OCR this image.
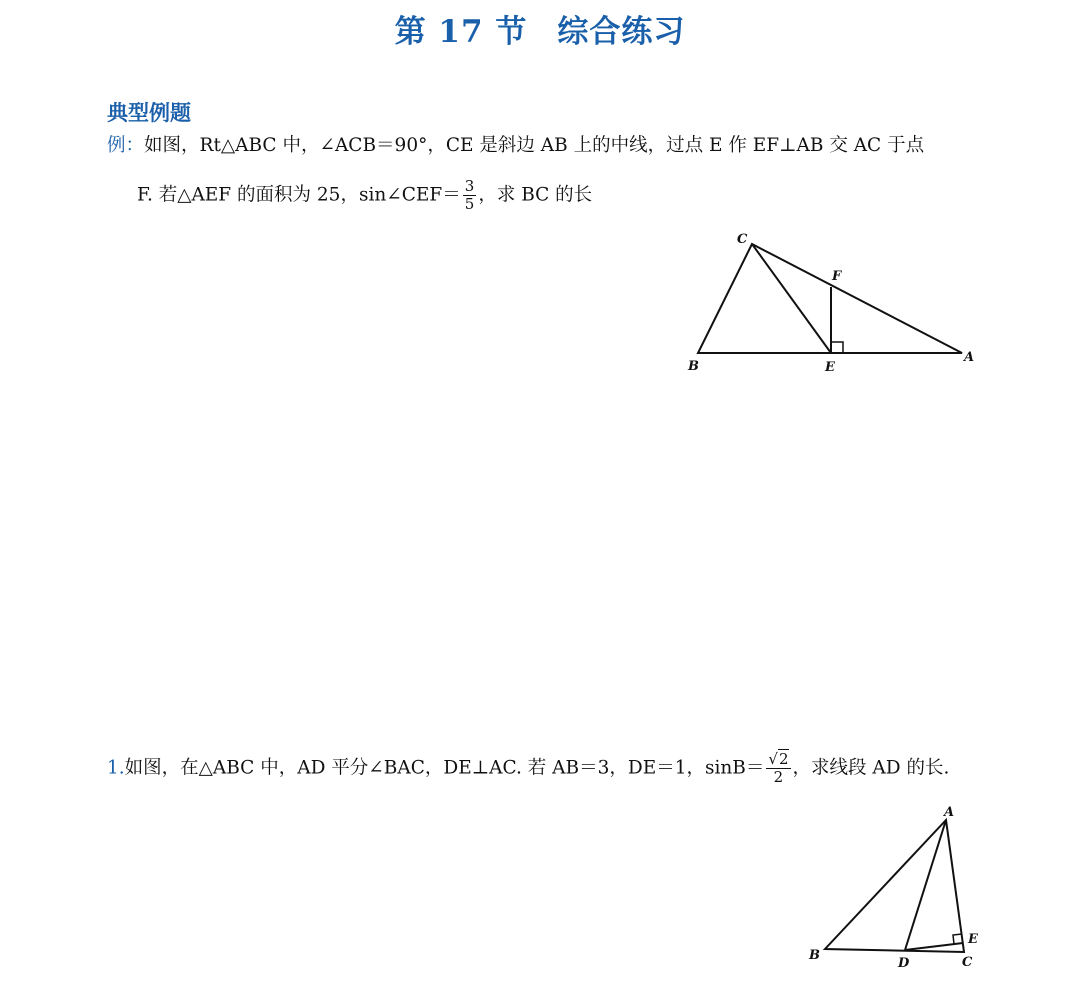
第 17 节 综合练习
典型例题
例：如图，Rt△ABC 中，∠ACB＝90°，CE 是斜边 AB 上的中线，过点 E 作 EF⊥AB 交 AC 于点
F. 若△AEF 的面积为 25，sin∠CEF＝ $\frac{3}{5}$ ，求 BC 的长
C
F
B	E
A
1.如图，在△ABC 中，AD 平分∠BAC，DE⊥AC. 若 AB＝3，DE＝1，$\sin B= \frac{√2}{2}$ ，求线段 AD 的长.
A
E
B
D	C
